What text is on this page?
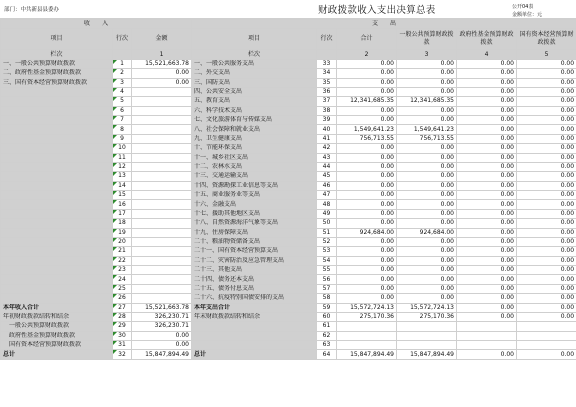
部门：中共新县县委办	财政拨款收入支出决算总表	公开04表
金额单位：元
收　　入			支　　出					
项目	行次	金额	项目	行次	合计	一般公共预算财政拨款	政府性基金预算财政拨款	国有资本经营预算财政拨款
栏次		1	栏次		2	3	4	5
一、一般公共预算财政拨款	1	15,521,663.78	一、一般公共服务支出	33	0.00	0.00	0.00	0.00
二、政府性基金预算财政拨款	2	0.00	二、外交支出	34	0.00	0.00	0.00	0.00
三、国有资本经营预算财政拨款	3	0.00	三、国防支出	35	0.00	0.00	0.00	0.00
	4		四、公共安全支出	36	0.00	0.00	0.00	0.00
	5		五、教育支出	37	12,341,685.35	12,341,685.35	0.00	0.00
	6		六、科学技术支出	38	0.00	0.00	0.00	0.00
	7		七、文化旅游体育与传媒支出	39	0.00	0.00	0.00	0.00
	8		八、社会保障和就业支出	40	1,549,641.23	1,549,641.23	0.00	0.00
	9		九、卫生健康支出	41	756,713.55	756,713.55	0.00	0.00
	10		十、节能环保支出	42	0.00	0.00	0.00	0.00
	11		十一、城乡社区支出	43	0.00	0.00	0.00	0.00
	12		十二、农林水支出	44	0.00	0.00	0.00	0.00
	13		十三、交通运输支出	45	0.00	0.00	0.00	0.00
	14		十四、资源勘探工业信息等支出	46	0.00	0.00	0.00	0.00
	15		十五、商业服务业等支出	47	0.00	0.00	0.00	0.00
	16		十六、金融支出	48	0.00	0.00	0.00	0.00
	17		十七、援助其他地区支出	49	0.00	0.00	0.00	0.00
	18		十八、自然资源海洋气象等支出	50	0.00	0.00	0.00	0.00
	19		十九、住房保障支出	51	924,684.00	924,684.00	0.00	0.00
	20		二十、粮油物资储备支出	52	0.00	0.00	0.00	0.00
	21		二十一、国有资本经营预算支出	53	0.00	0.00	0.00	0.00
	22		二十二、灾害防治及应急管理支出	54	0.00	0.00	0.00	0.00
	23		二十三、其他支出	55	0.00	0.00	0.00	0.00
	24		二十四、债务还本支出	56	0.00	0.00	0.00	0.00
	25		二十五、债务付息支出	57	0.00	0.00	0.00	0.00
	26		二十六、抗疫特别国债安排的支出	58	0.00	0.00	0.00	0.00
本年收入合计	27	15,521,663.78	本年支出合计	59	15,572,724.13	15,572,724.13	0.00	0.00
年初财政拨款结转和结余	28	326,230.71	年末财政拨款结转和结余	60	275,170.36	275,170.36	0.00	0.00
一般公共预算财政拨款	29	326,230.71		61				
政府性基金预算财政拨款	30	0.00		62				
国有资本经营预算财政拨款	31	0.00		63				
总计	32	15,847,894.49	总计	64	15,847,894.49	15,847,894.49	0.00	0.00
